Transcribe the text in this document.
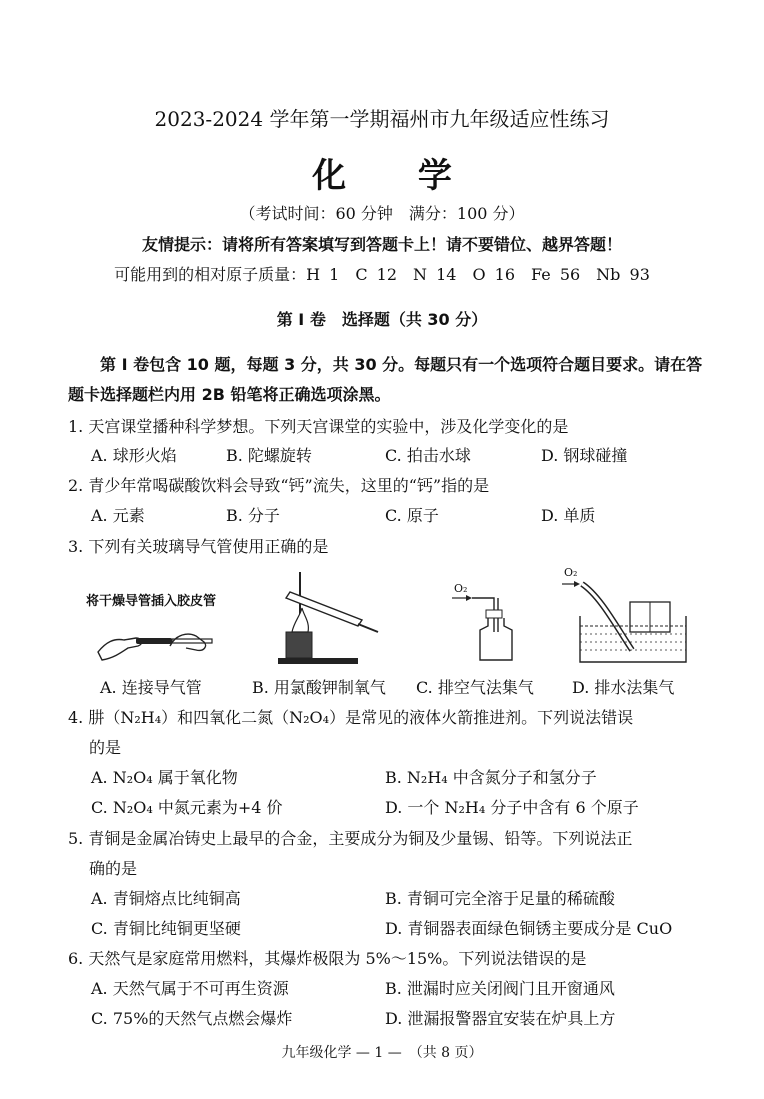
2023-2024 学年第一学期福州市九年级适应性练习
化 学
（考试时间：60 分钟　满分：100 分）
友情提示：请将所有答案填写到答题卡上！请不要错位、越界答题！
可能用到的相对原子质量：H 1　C 12　N 14　O 16　Fe 56　Nb 93
第 Ⅰ 卷　选择题（共 30 分）
第 Ⅰ 卷包含 10 题，每题 3 分，共 30 分。每题只有一个选项符合题目要求。请在答题卡选择题栏内用 2B 铅笔将正确选项涂黑。
1. 天宫课堂播种科学梦想。下列天宫课堂的实验中，涉及化学变化的是
A. 球形火焰	B. 陀螺旋转	C. 拍击水球	D. 钢球碰撞
2. 青少年常喝碳酸饮料会导致“钙”流失，这里的“钙”指的是
A. 元素	B. 分子	C. 原子	D. 单质
3. 下列有关玻璃导气管使用正确的是
将干燥导管插入胶皮管
O₂
O₂
A. 连接导气管	B. 用氯酸钾制氧气 C. 排空气法集气 D. 排水法集气
4. 肼（N₂H₄）和四氧化二氮（N₂O₄）是常见的液体火箭推进剂。下列说法错误
的是
A. N₂O₄ 属于氧化物	B. N₂H₄ 中含氮分子和氢分子
C. N₂O₄ 中氮元素为+4 价	D. 一个 N₂H₄ 分子中含有 6 个原子
5. 青铜是金属冶铸史上最早的合金，主要成分为铜及少量锡、铅等。下列说法正
确的是
A. 青铜熔点比纯铜高	B. 青铜可完全溶于足量的稀硫酸
C. 青铜比纯铜更坚硬	D. 青铜器表面绿色铜锈主要成分是 CuO
6. 天然气是家庭常用燃料，其爆炸极限为 5%～15%。下列说法错误的是
A. 天然气属于不可再生资源	B. 泄漏时应关闭阀门且开窗通风
C. 75%的天然气点燃会爆炸	D. 泄漏报警器宜安装在炉具上方
九年级化学 — 1 —　（共 8 页）
